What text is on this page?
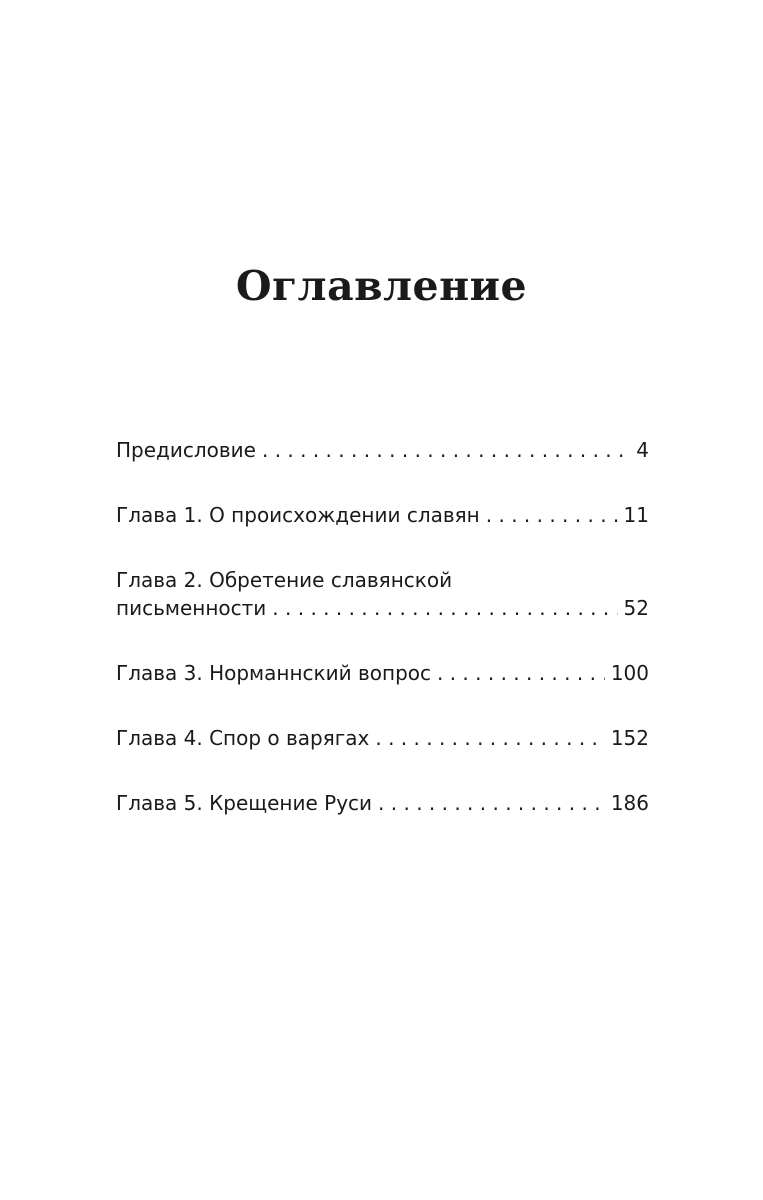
Оглавление
Предисловие . . .	4
Глава 1. О происхождении славян . . .	11
Глава 2. Обретение славянской
письменности . . .	52
Глава 3. Норманнский вопрос . . .	100
Глава 4. Спор о варягах . . .	152
Глава 5. Крещение Руси . . .	186
